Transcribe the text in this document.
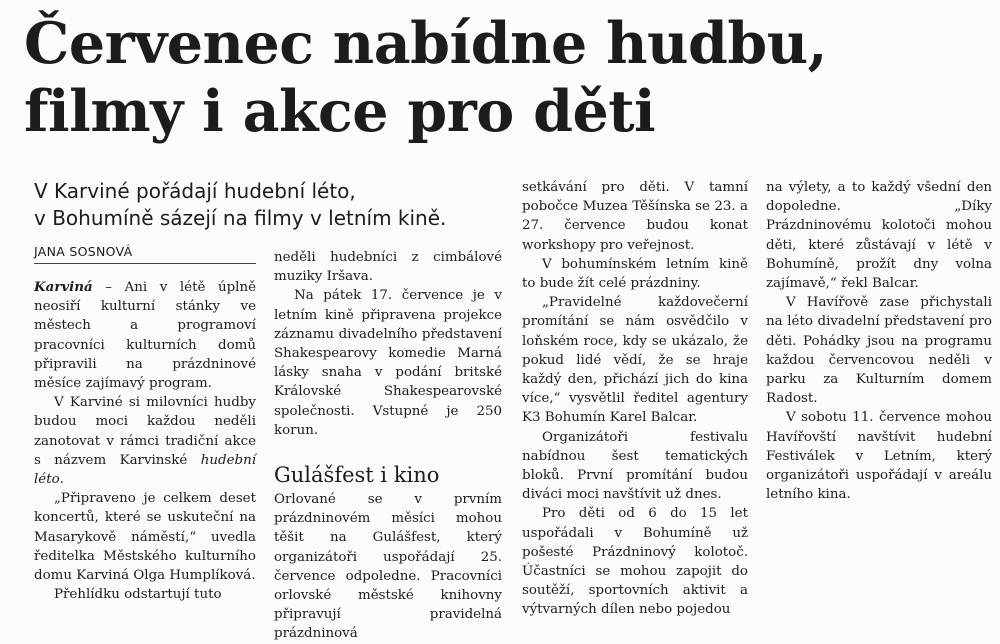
Červenec nabídne hudbu,
filmy i akce pro děti
V Karviné pořádají hudební léto,
v Bohumíně sázejí na filmy v letním kině.
JANA SOSNOVÁ

Karviná – Ani v létě úplně neosiří kulturní stánky ve městech a programoví pracovníci kulturních domů připravili na prázdninové měsíce zajímavý program.

V Karviné si milovníci hudby budou moci každou neděli zanotovat v rámci tradiční akce s názvem Karvinské hudební léto.

„Připraveno je celkem deset koncertů, které se uskuteční na Masarykově náměstí,“ uvedla ředitelka Městského kulturního domu Karviná Olga Humplíková.

Přehlídku odstartují tuto

neděli hudebníci z cimbálové muziky Iršava.

Na pátek 17. července je v letním kině připravena projekce záznamu divadelního představení Shakespearovy komedie Marná lásky snaha v podání britské Královské Shakespearovské společnosti. Vstupné je 250 korun.

Gulášfest i kino

Orlované se v prvním prázdninovém měsíci mohou těšit na Gulášfest, který organizátoři uspořádají 25. července odpoledne. Pracovníci orlovské městské knihovny připravují pravidelná prázdninová

setkávání pro děti. V tamní pobočce Muzea Těšínska se 23. a 27. července budou konat workshopy pro veřejnost.

V bohumínském letním kině to bude žít celé prázdniny.

„Pravidelné každovečerní promítání se nám osvědčilo v loňském roce, kdy se ukázalo, že pokud lidé vědí, že se hraje každý den, přichází jich do kina více,“ vysvětlil ředitel agentury K3 Bohumín Karel Balcar.

Organizátoři festivalu nabídnou šest tematických bloků. První promítání budou diváci moci navštívit už dnes.

Pro děti od 6 do 15 let uspořádali v Bohumíně už pošesté Prázdninový kolotoč. Účastníci se mohou zapojit do soutěží, sportovních aktivit a výtvarných dílen nebo pojedou

na výlety, a to každý všední den dopoledne. „Díky Prázdninovému kolotoči mohou děti, které zůstávají v létě v Bohumíně, prožít dny volna zajímavě,“ řekl Balcar.

V Havířově zase přichystali na léto divadelní představení pro děti. Pohádky jsou na programu každou červencovou neděli v parku za Kulturním domem Radost.

V sobotu 11. července mohou Havířovští navštívit hudební Festiválek v Letním, který organizátoři uspořádají v areálu letního kina.
